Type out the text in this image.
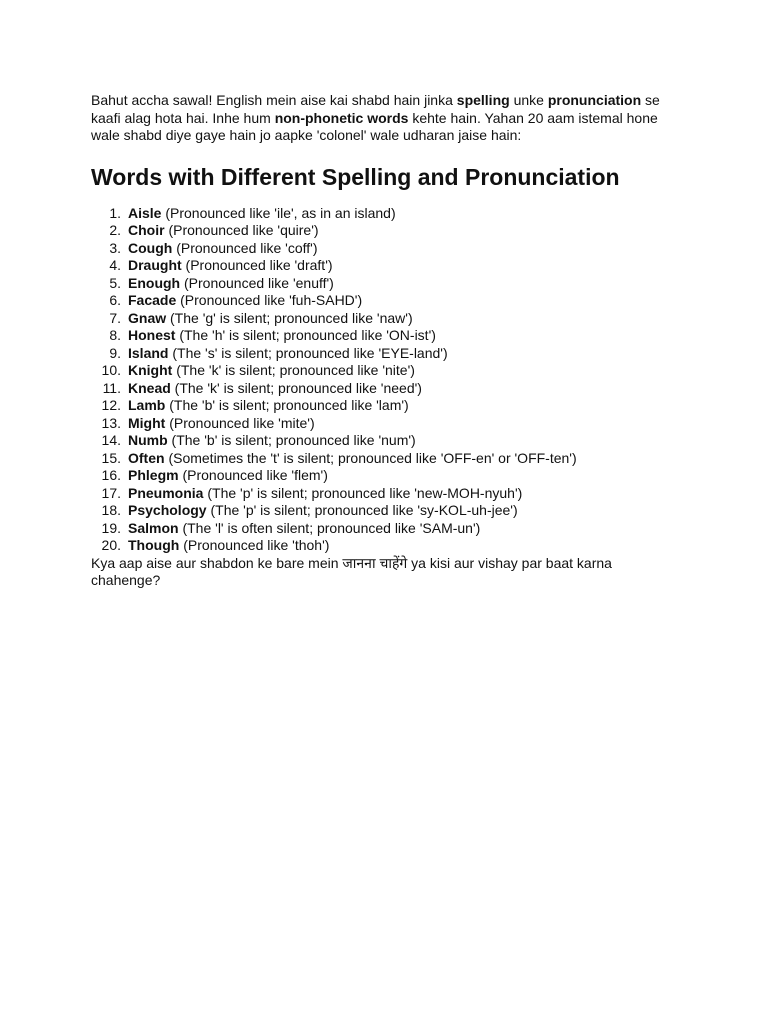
Bahut accha sawal! English mein aise kai shabd hain jinka spelling unke pronunciation se kaafi alag hota hai. Inhe hum non-phonetic words kehte hain. Yahan 20 aam istemal hone wale shabd diye gaye hain jo aapke 'colonel' wale udharan jaise hain:

Words with Different Spelling and Pronunciation
1. Aisle (Pronounced like 'ile', as in an island)
2. Choir (Pronounced like 'quire')
3. Cough (Pronounced like 'coff')
4. Draught (Pronounced like 'draft')
5. Enough (Pronounced like 'enuff')
6. Facade (Pronounced like 'fuh-SAHD')
7. Gnaw (The 'g' is silent; pronounced like 'naw')
8. Honest (The 'h' is silent; pronounced like 'ON-ist')
9. Island (The 's' is silent; pronounced like 'EYE-land')
10. Knight (The 'k' is silent; pronounced like 'nite')
11. Knead (The 'k' is silent; pronounced like 'need')
12. Lamb (The 'b' is silent; pronounced like 'lam')
13. Might (Pronounced like 'mite')
14. Numb (The 'b' is silent; pronounced like 'num')
15. Often (Sometimes the 't' is silent; pronounced like 'OFF-en' or 'OFF-ten')
16. Phlegm (Pronounced like 'flem')
17. Pneumonia (The 'p' is silent; pronounced like 'new-MOH-nyuh')
18. Psychology (The 'p' is silent; pronounced like 'sy-KOL-uh-jee')
19. Salmon (The 'l' is often silent; pronounced like 'SAM-un')
20. Though (Pronounced like 'thoh')

Kya aap aise aur shabdon ke bare mein जानना चाहेंगे ya kisi aur vishay par baat karna chahenge?
